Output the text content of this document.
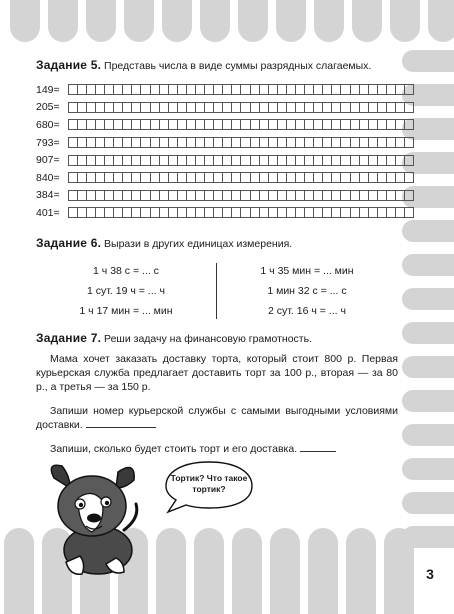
Задание 5. Представь числа в виде суммы разрядных слагаемых.

149 =
205 =
680 =
793 =
907 =
840 =
384 =
401 =

Задание 6. Вырази в других единицах измерения.

1 ч 38 с = ... с
1 сут. 19 ч = ... ч
1 ч 17 мин = ... мин
1 ч 35 мин = ... мин
1 мин 32 с = ... с
2 сут. 16 ч = ... ч

Задание 7. Реши задачу на финансовую грамотность.

Мама хочет заказать доставку торта, который стоит 800 р. Первая курьерская служба предлагает доставить торт за 100 р., вторая — за 80 р., а третья — за 150 р.

Запиши номер курьерской службы с самыми выгодными условиями доставки.

Запиши, сколько будет стоить торт и его доставка.

Тортик? Что такое тортик?
3
